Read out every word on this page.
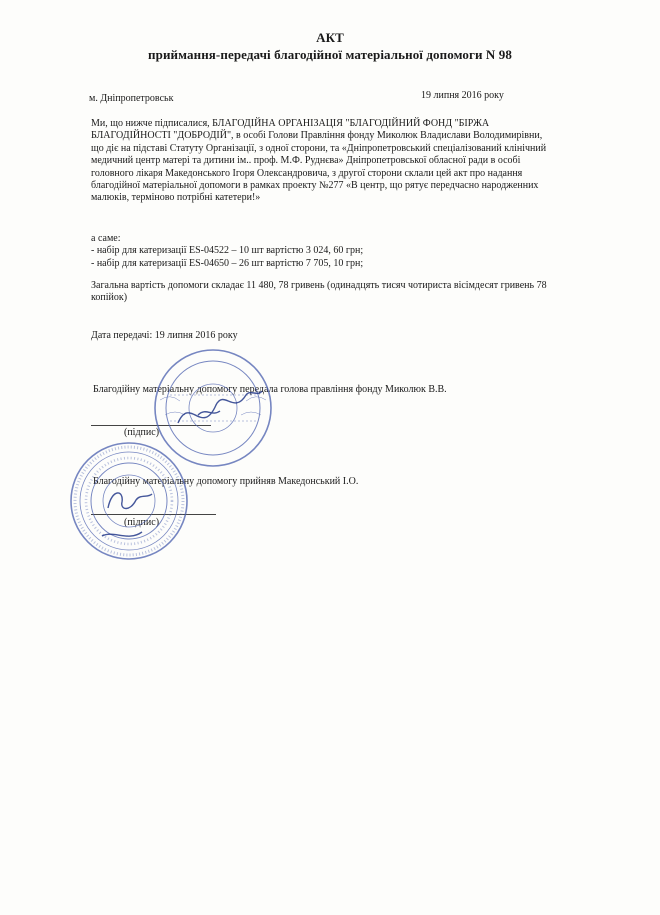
АКТ
приймання-передачі благодійної матеріальної допомоги N 98
м. Дніпропетровськ	19 липня 2016 року
Ми, що нижче підписалися, БЛАГОДІЙНА ОРГАНІЗАЦІЯ "БЛАГОДІЙНИЙ ФОНД "БІРЖА
БЛАГОДІЙНОСТІ "ДОБРОДІЙ", в особі Голови Правління фонду Миколюк Владислави Володимирівни,
що діє на підставі Статуту Організації, з одної сторони, та «Дніпропетровський спеціалізований клінічний
медичний центр матері та дитини ім.. проф. М.Ф. Руднєва» Дніпропетровської обласної ради в особі
головного лікаря Македонського Ігоря Олександровича, з другої сторони склали цей акт про надання
благодійної матеріальної допомоги в рамках проекту №277 «В центр, що рятує передчасно народженних
малюків, терміново потрібні катетери!»
а саме:
- набір для катеризації ES-04522 – 10 шт вартістю 3 024, 60 грн;
- набір для катеризації ES-04650 – 26 шт вартістю 7 705, 10 грн;
Загальна вартість допомоги складає 11 480, 78 гривень (одинадцять тисяч чотириста вісімдесят гривень 78
копійок)
Дата передачі: 19 липня 2016 року
Благодійну матеріальну допомогу передала голова правління фонду Миколюк В.В.
(підпис)
Благодійну матеріальну допомогу прийняв Македонський І.О.
(підпис)
